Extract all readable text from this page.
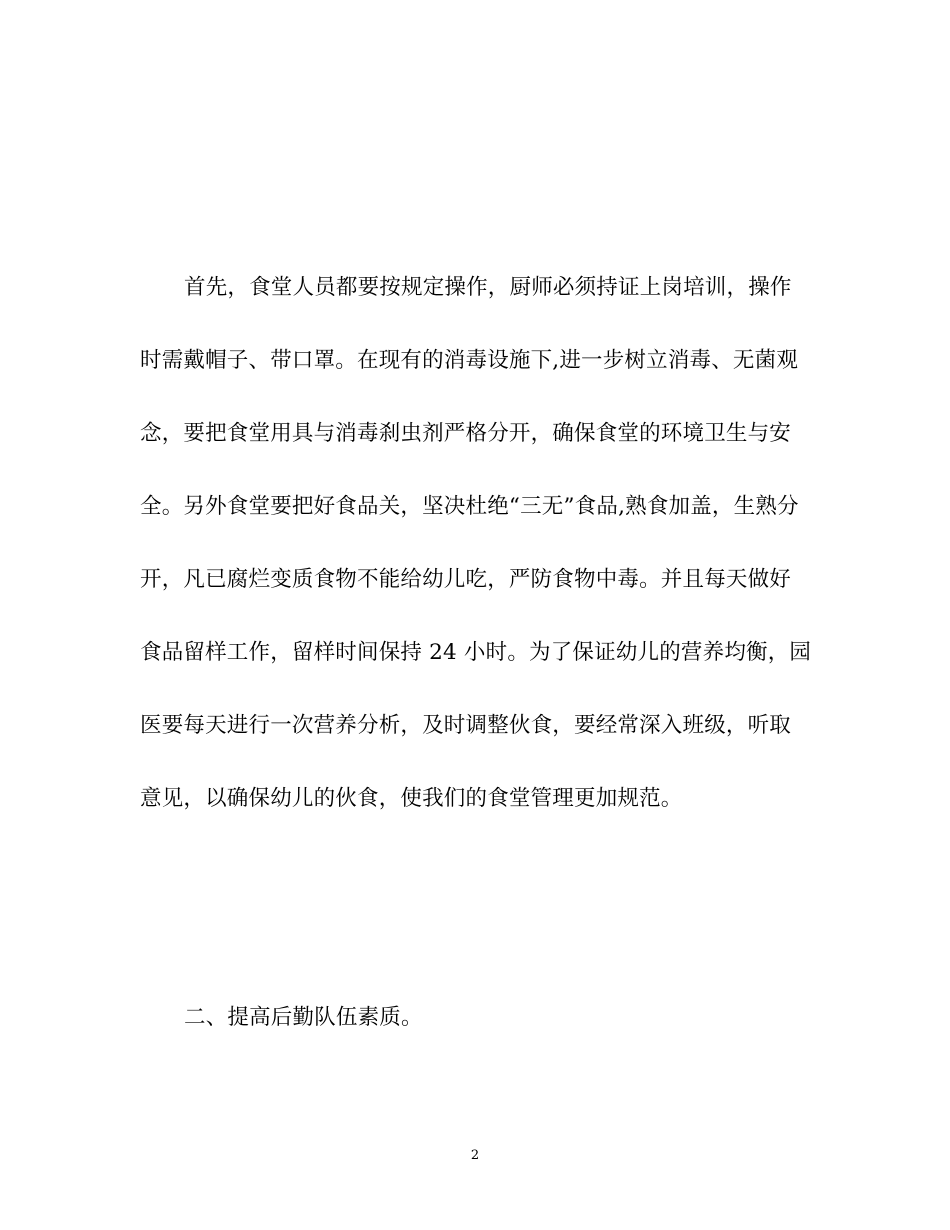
首先，食堂人员都要按规定操作，厨师必须持证上岗培训，操作
时需戴帽子、带口罩。在现有的消毒设施下,进一步树立消毒、无菌观
念，要把食堂用具与消毒刹虫剂严格分开，确保食堂的环境卫生与安
全。另外食堂要把好食品关，坚决杜绝“三无”食品,熟食加盖，生熟分
开，凡已腐烂变质食物不能给幼儿吃，严防食物中毒。并且每天做好
食品留样工作，留样时间保持 24 小时。为了保证幼儿的营养均衡，园
医要每天进行一次营养分析，及时调整伙食，要经常深入班级，听取
意见，以确保幼儿的伙食，使我们的食堂管理更加规范。
二、提高后勤队伍素质。
2
